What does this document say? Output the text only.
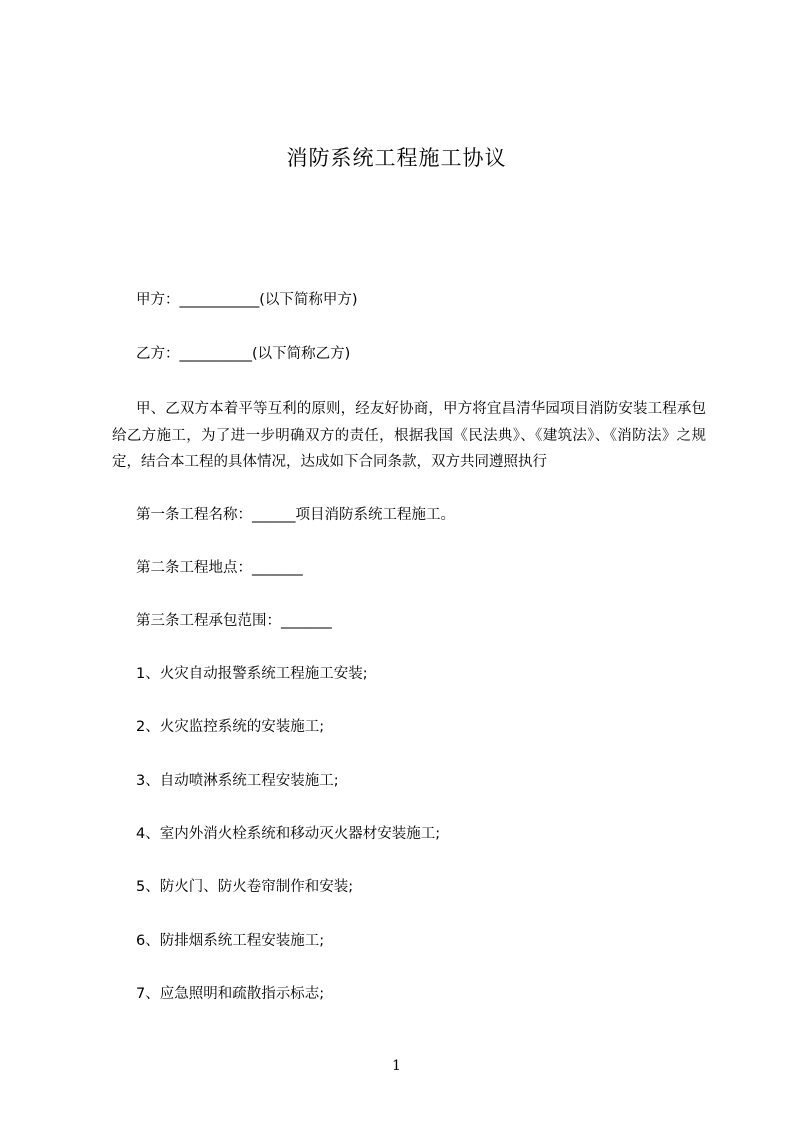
消防系统工程施工协议
甲方：___________(以下简称甲方)
乙方：__________(以下简称乙方)
甲、乙双方本着平等互利的原则，经友好协商，甲方将宜昌清华园项目消防安装工程承包给乙方施工，为了进一步明确双方的责任，根据我国《民法典》、《建筑法》、《消防法》之规定，结合本工程的具体情况，达成如下合同条款，双方共同遵照执行
第一条工程名称：______项目消防系统工程施工。
第二条工程地点：_______
第三条工程承包范围：_______
1、火灾自动报警系统工程施工安装;
2、火灾监控系统的安装施工;
3、自动喷淋系统工程安装施工;
4、室内外消火栓系统和移动灭火器材安装施工;
5、防火门、防火卷帘制作和安装;
6、防排烟系统工程安装施工;
7、应急照明和疏散指示标志;
1
